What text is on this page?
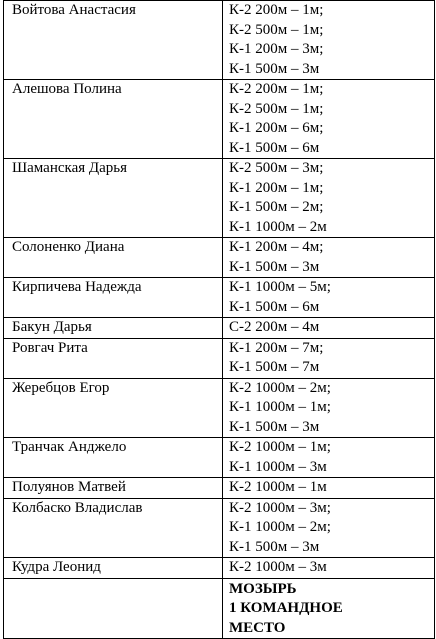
Войтова Анастасия	К-2 200м – 1м;
К-2 500м – 1м;
К-1 200м – 3м;
К-1 500м – 3м

Алешова Полина	К-2 200м – 1м;
К-2 500м – 1м;
К-1 200м – 6м;
К-1 500м – 6м

Шаманская Дарья	К-2 500м – 3м;
К-1 200м – 1м;
К-1 500м – 2м;
К-1 1000м – 2м

Солоненко Диана	К-1 200м – 4м;
К-1 500м – 3м

Кирпичева Надежда	К-1 1000м – 5м;
К-1 500м – 6м

Бакун Дарья	С-2 200м – 4м

Ровгач Рита	К-1 200м – 7м;
К-1 500м – 7м

Жеребцов Егор	К-2 1000м – 2м;
К-1 1000м – 1м;
К-1 500м – 3м

Транчак Анджело	К-2 1000м – 1м;
К-1 1000м – 3м

Полуянов Матвей	К-2 1000м – 1м

Колбаско Владислав	К-2 1000м – 3м;
К-1 1000м – 2м;
К-1 500м – 3м

Кудра Леонид	К-2 1000м – 3м

	МОЗЫРЬ
1 КОМАНДНОЕ
МЕСТО
